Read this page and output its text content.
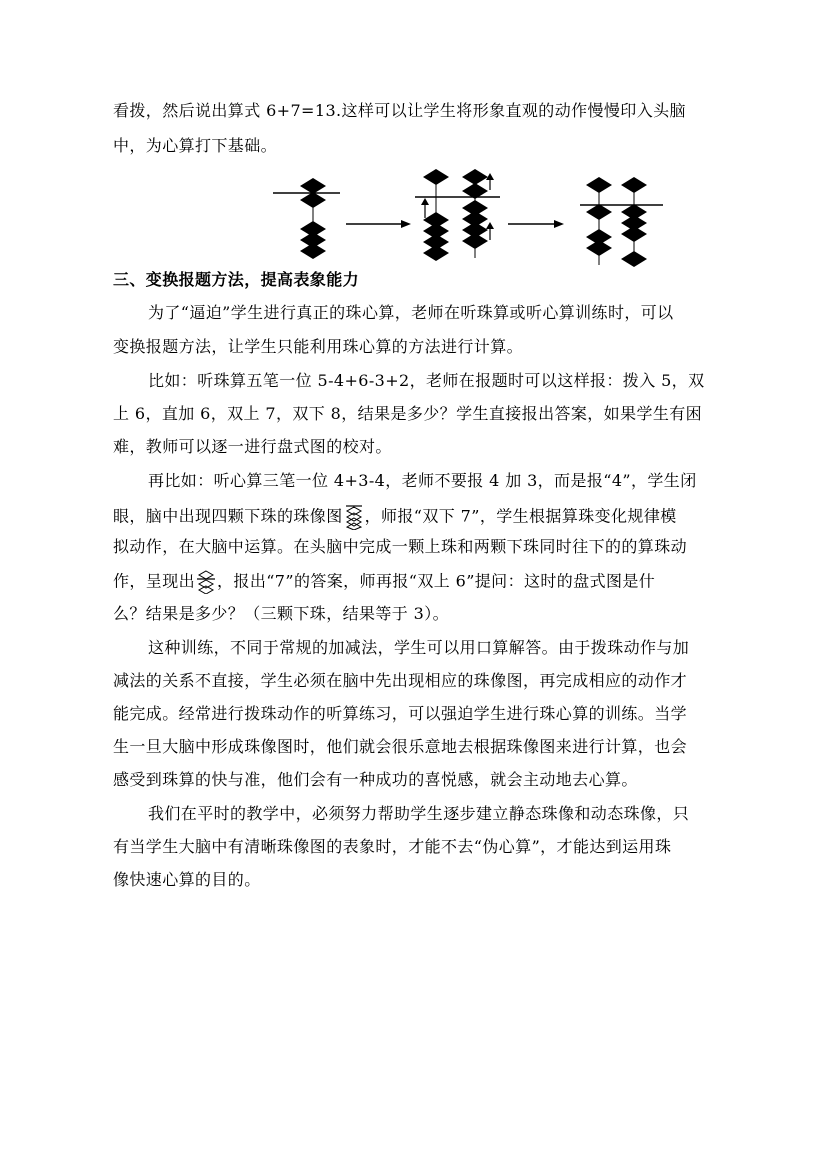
看拨，然后说出算式 6+7=13.这样可以让学生将形象直观的动作慢慢印入头脑
中，为心算打下基础。
三、变换报题方法，提高表象能力
为了“逼迫”学生进行真正的珠心算，老师在听珠算或听心算训练时，可以
变换报题方法，让学生只能利用珠心算的方法进行计算。
比如：听珠算五笔一位 5-4+6-3+2，老师在报题时可以这样报：拨入 5，双
上 6，直加 6，双上 7，双下 8，结果是多少？学生直接报出答案，如果学生有困
难，教师可以逐一进行盘式图的校对。
再比如：听心算三笔一位 4+3-4，老师不要报 4 加 3，而是报“4”，学生闭
眼，脑中出现四颗下珠的珠像图 ，师报“双下 7”，学生根据算珠变化规律模
拟动作，在大脑中运算。在头脑中完成一颗上珠和两颗下珠同时往下的的算珠动
作，呈现出 ，报出“7”的答案，师再报“双上 6”提问：这时的盘式图是什
么？结果是多少？（三颗下珠，结果等于 3）。
这种训练，不同于常规的加减法，学生可以用口算解答。由于拨珠动作与加
减法的关系不直接，学生必须在脑中先出现相应的珠像图，再完成相应的动作才
能完成。经常进行拨珠动作的听算练习，可以强迫学生进行珠心算的训练。当学
生一旦大脑中形成珠像图时，他们就会很乐意地去根据珠像图来进行计算，也会
感受到珠算的快与准，他们会有一种成功的喜悦感，就会主动地去心算。
我们在平时的教学中，必须努力帮助学生逐步建立静态珠像和动态珠像，只
有当学生大脑中有清晰珠像图的表象时，才能不去“伪心算”，才能达到运用珠
像快速心算的目的。
